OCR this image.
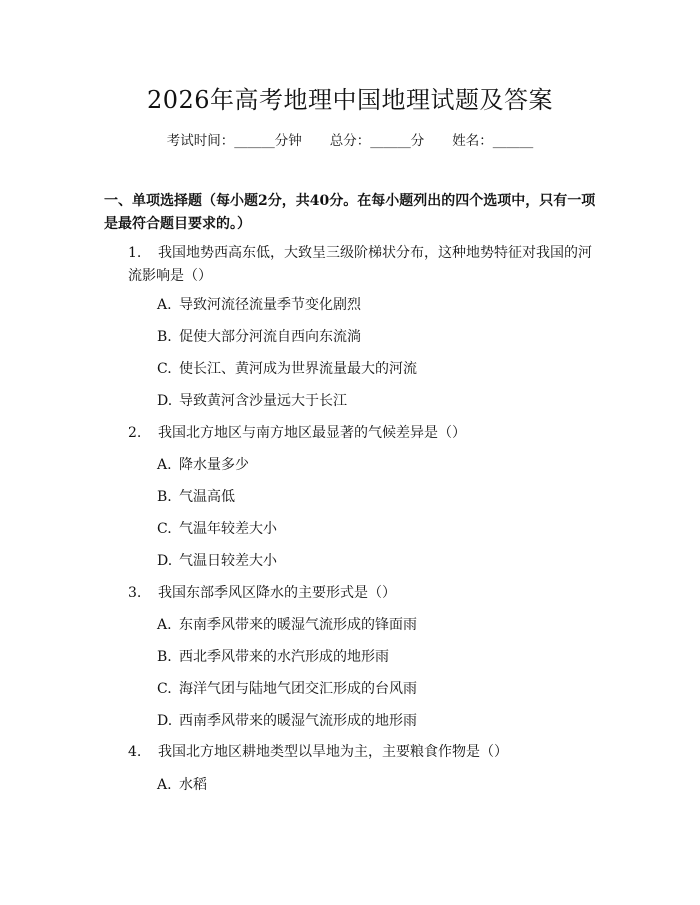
2026年高考地理中国地理试题及答案
考试时间：______分钟 总分：______分 姓名：______
一、单项选择题（每小题2分，共40分。在每小题列出的四个选项中，只有一项是最符合题目要求的。）
1. 我国地势西高东低，大致呈三级阶梯状分布，这种地势特征对我国的河流影响是（）
A. 导致河流径流量季节变化剧烈
B. 促使大部分河流自西向东流淌
C. 使长江、黄河成为世界流量最大的河流
D. 导致黄河含沙量远大于长江
2. 我国北方地区与南方地区最显著的气候差异是（）
A. 降水量多少
B. 气温高低
C. 气温年较差大小
D. 气温日较差大小
3. 我国东部季风区降水的主要形式是（）
A. 东南季风带来的暖湿气流形成的锋面雨
B. 西北季风带来的水汽形成的地形雨
C. 海洋气团与陆地气团交汇形成的台风雨
D. 西南季风带来的暖湿气流形成的地形雨
4. 我国北方地区耕地类型以旱地为主，主要粮食作物是（）
A. 水稻
